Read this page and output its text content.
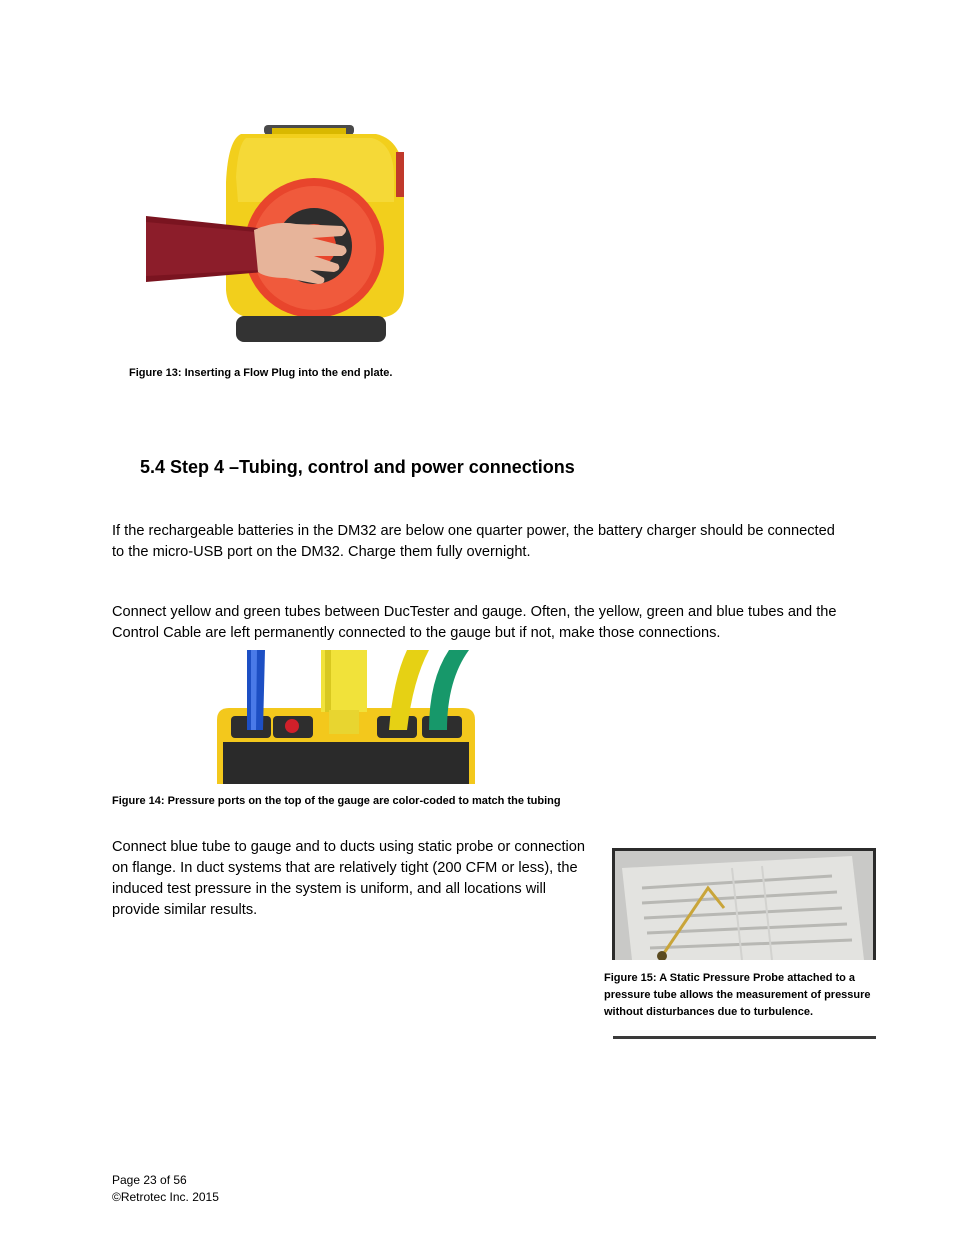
Figure 13: Inserting a Flow Plug into the end plate.
5.4 Step 4 –Tubing, control and power connections

If the rechargeable batteries in the DM32 are below one quarter power, the battery charger should be connected to the micro-USB port on the DM32. Charge them fully overnight.

Connect yellow and green tubes between DucTester and gauge. Often, the yellow, green and blue tubes and the Control Cable are left permanently connected to the gauge but if not, make those connections.

Figure 14: Pressure ports on the top of the gauge are color-coded to match the tubing

Connect blue tube to gauge and to ducts using static probe or connection on flange. In duct systems that are relatively tight (200 CFM or less), the induced test pressure in the system is uniform, and all locations will provide similar results.

Figure 15: A Static Pressure Probe attached to a pressure tube allows the measurement of pressure without disturbances due to turbulence.
Page 23 of 56
©Retrotec Inc. 2015
